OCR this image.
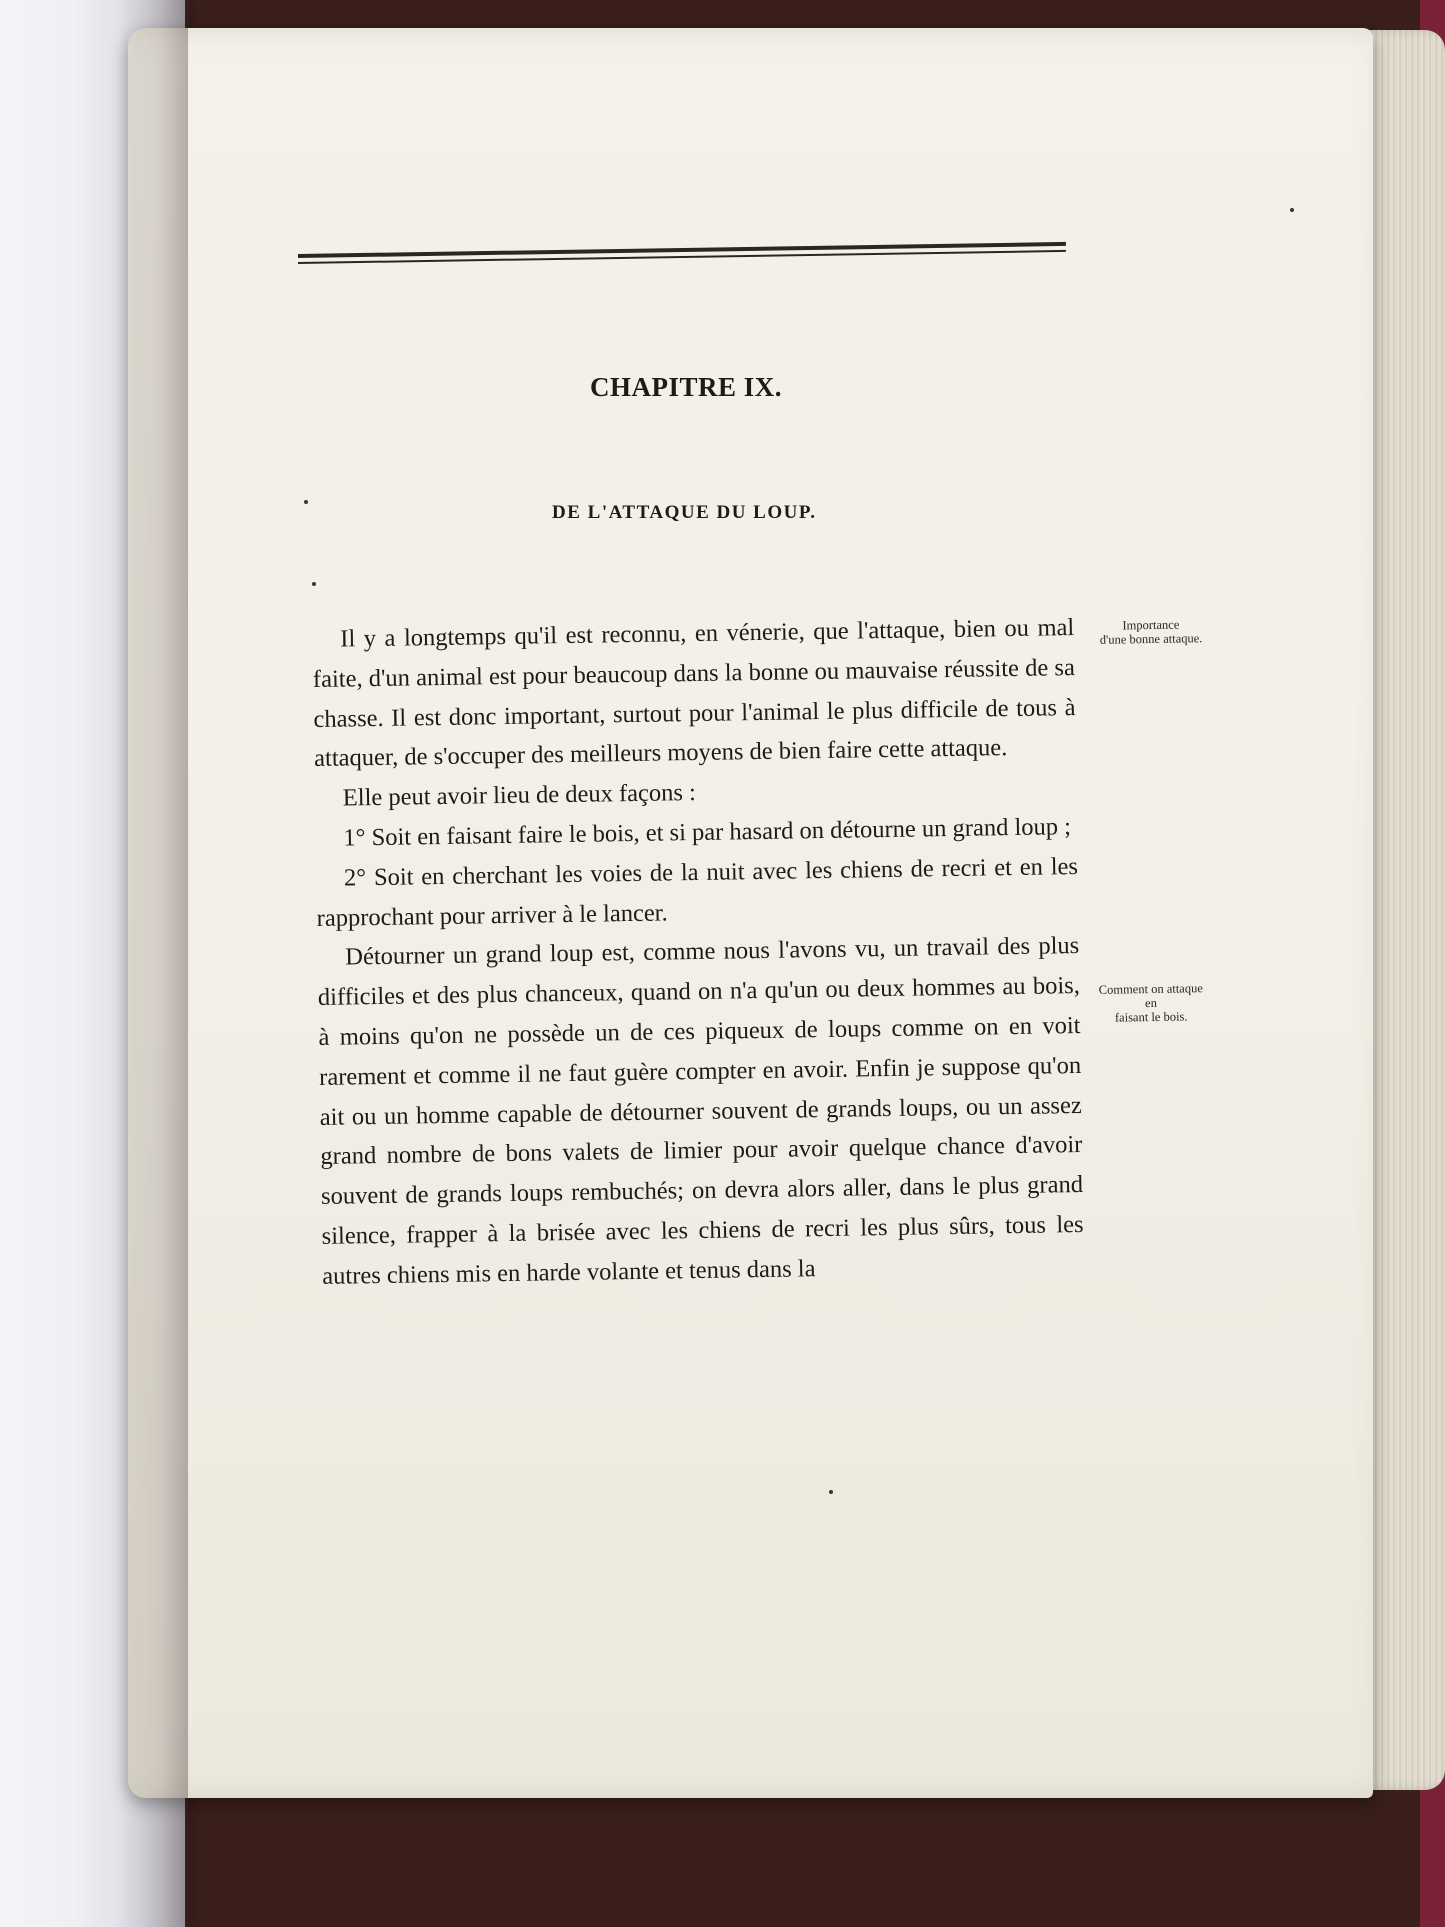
CHAPITRE IX.
DE L'ATTAQUE DU LOUP.
Importance
d'une bonne attaque.
Comment on attaque
en
faisant le bois.

Il y a longtemps qu'il est reconnu, en vénerie, que l'attaque, bien ou mal faite, d'un animal est pour beaucoup dans la bonne ou mauvaise réussite de sa chasse. Il est donc important, surtout pour l'animal le plus difficile de tous à attaquer, de s'occuper des meilleurs moyens de bien faire cette attaque.

Elle peut avoir lieu de deux façons :

1° Soit en faisant faire le bois, et si par hasard on détourne un grand loup ;

2° Soit en cherchant les voies de la nuit avec les chiens de recri et en les rapprochant pour arriver à le lancer.

Détourner un grand loup est, comme nous l'avons vu, un travail des plus difficiles et des plus chanceux, quand on n'a qu'un ou deux hommes au bois, à moins qu'on ne possède un de ces piqueux de loups comme on en voit rarement et comme il ne faut guère compter en avoir. Enfin je suppose qu'on ait ou un homme capable de détourner souvent de grands loups, ou un assez grand nombre de bons valets de limier pour avoir quelque chance d'avoir souvent de grands loups rembuchés; on devra alors aller, dans le plus grand silence, frapper à la brisée avec les chiens de recri les plus sûrs, tous les autres chiens mis en harde volante et tenus dans la
